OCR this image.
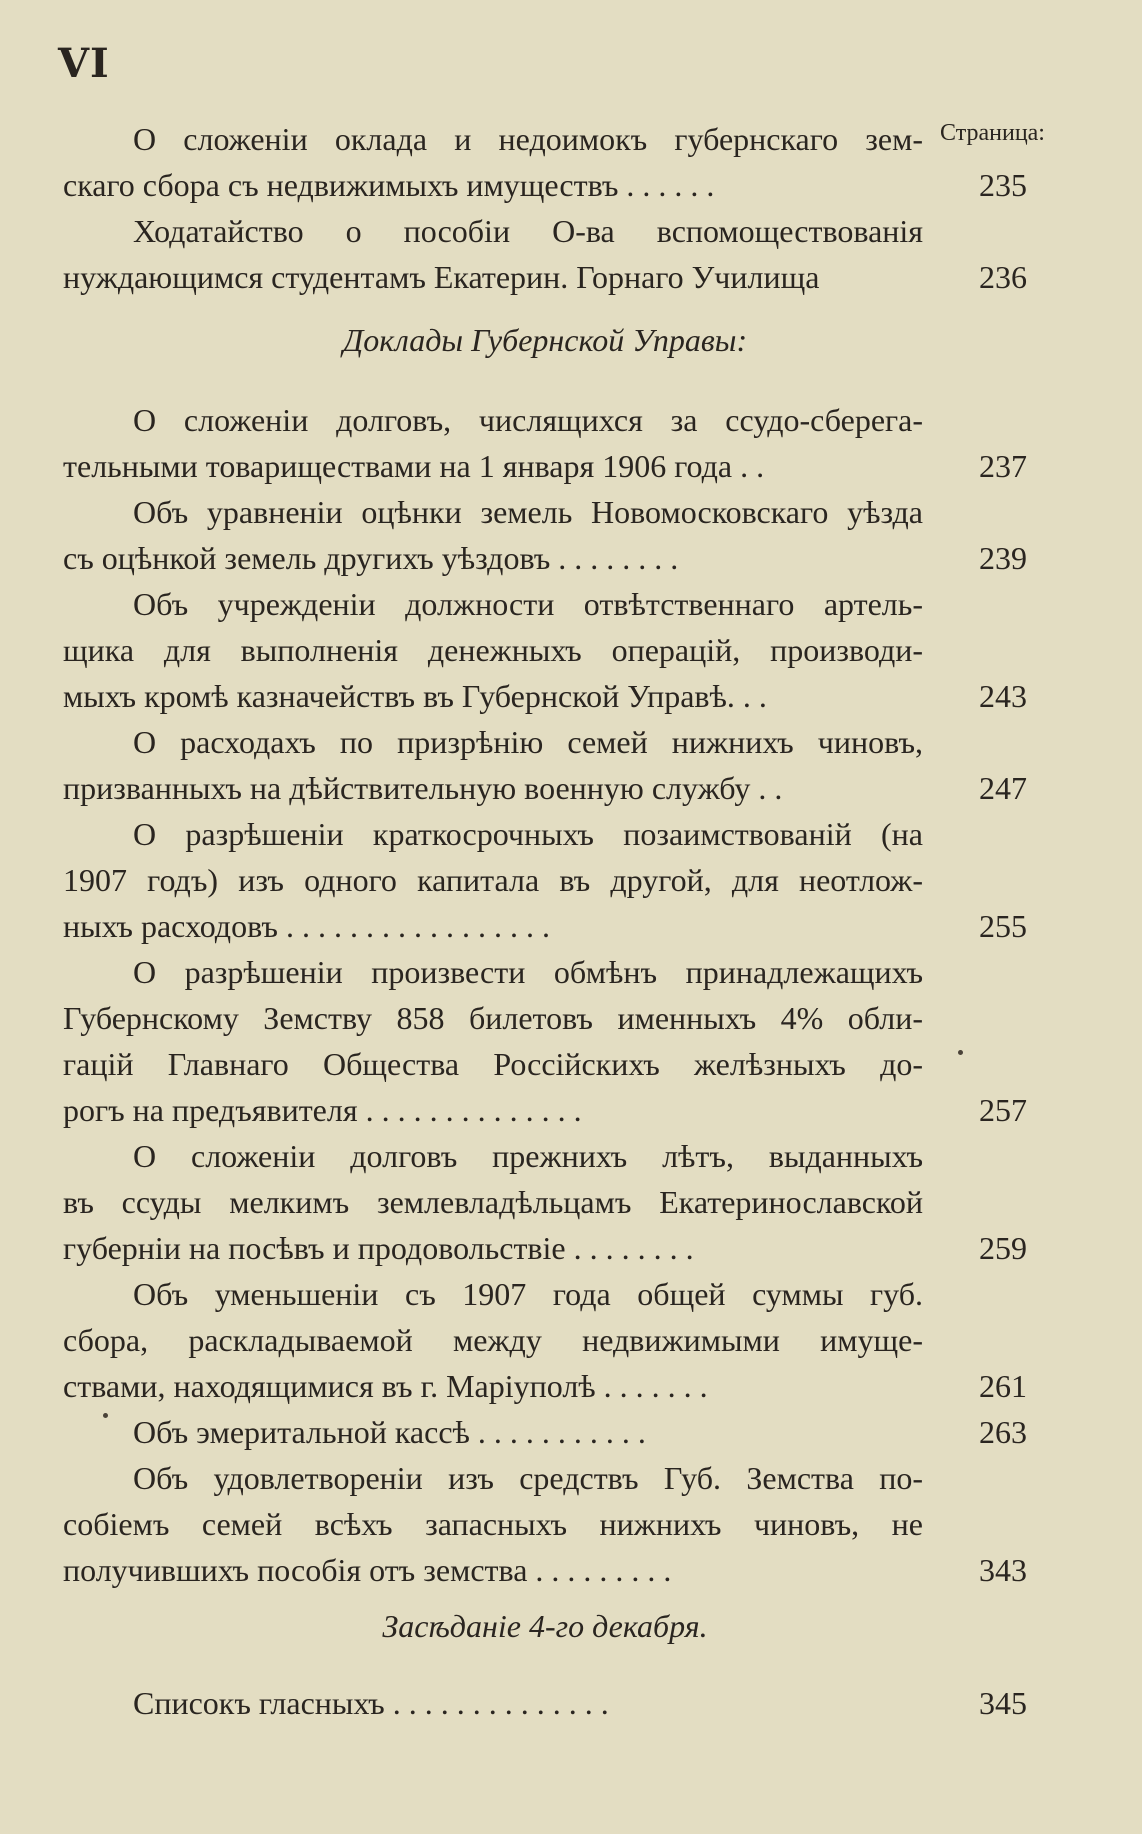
VI
Страница:
О сложенiи оклада и недоимокъ губернскаго зем-
скаго сбора съ недвижимыхъ имуществъ . . . . . .	235
Ходатайство о пособiи О-ва вспомоществованiя
нуждающимся студентамъ Екатерин. Горнаго Училища	236
Доклады Губернской Управы:
О сложенiи долговъ, числящихся за ссудо-сберега-
тельными товариществами на 1 января 1906 года . .	237
Объ уравненiи оцѣнки земель Новомосковскаго уѣзда
съ оцѣнкой земель другихъ уѣздовъ . . . . . . . .	239
Объ учрежденiи должности отвѣтственнаго артель-
щика для выполненiя денежныхъ операцiй, производи-
мыхъ кромѣ казначействъ въ Губернской Управѣ. . .	243
О расходахъ по призрѣнiю семей нижнихъ чиновъ,
призванныхъ на дѣйствительную военную службу . .	247
О разрѣшенiи краткосрочныхъ позаимствованiй (на
1907 годъ) изъ одного капитала въ другой, для неотлож-
ныхъ расходовъ . . . . . . . . . . . . . . . . .	255
О разрѣшенiи произвести обмѣнъ принадлежащихъ
Губернскому Земству 858 билетовъ именныхъ 4% обли-
гацiй Главнаго Общества Россiйскихъ желѣзныхъ до-
рогъ на предъявителя . . . . . . . . . . . . . .	257
О сложенiи долговъ прежнихъ лѣтъ, выданныхъ
въ ссуды мелкимъ землевладѣльцамъ Екатеринославской
губернiи на посѣвъ и продовольствiе . . . . . . . .	259
Объ уменьшенiи съ 1907 года общей суммы губ.
сбора, раскладываемой между недвижимыми имуще-
ствами, находящимися въ г. Марiуполѣ . . . . . . .	261
Объ эмеритальной кассѣ . . . . . . . . . . .	263
Объ удовлетворенiи изъ средствъ Губ. Земства по-
собiемъ семей всѣхъ запасныхъ нижнихъ чиновъ, не
получившихъ пособiя отъ земства . . . . . . . . .	343
Засѣданiе 4-го декабря.
Списокъ гласныхъ . . . . . . . . . . . . . .	345
